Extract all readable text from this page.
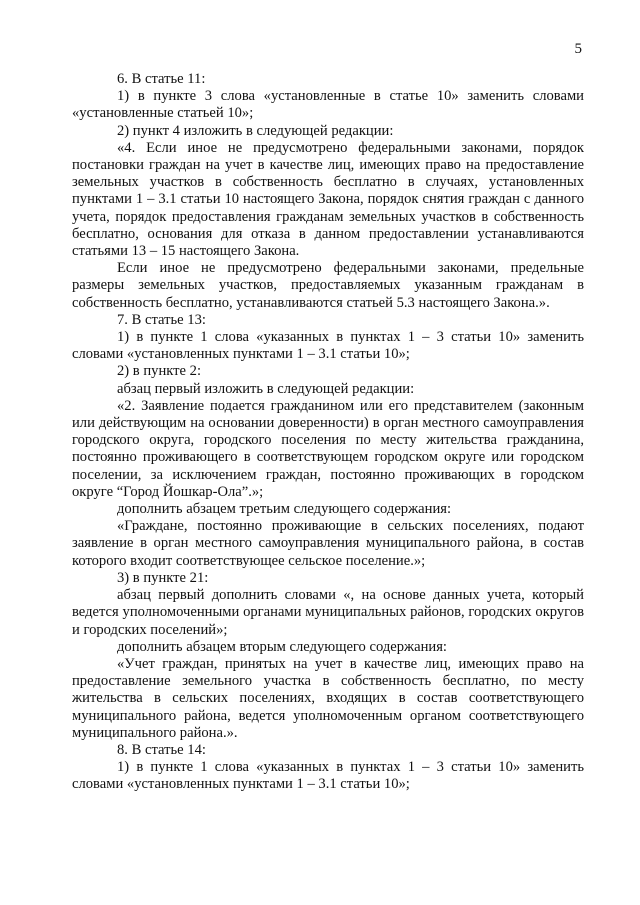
5

6. В статье 11:

1) в пункте 3 слова «установленные в статье 10» заменить словами «установленные статьей 10»;

2) пункт 4 изложить в следующей редакции:

«4. Если иное не предусмотрено федеральными законами, порядок постановки граждан на учет в качестве лиц, имеющих право на предоставление земельных участков в собственность бесплатно в случаях, установленных пунктами 1 – 3.1 статьи 10 настоящего Закона, порядок снятия граждан с данного учета, порядок предоставления гражданам земельных участков в собственность бесплатно, основания для отказа в данном предоставлении устанавливаются статьями 13 – 15 настоящего Закона.

Если иное не предусмотрено федеральными законами, предельные размеры земельных участков, предоставляемых указанным гражданам в собственность бесплатно, устанавливаются статьей 5.3 настоящего Закона.».

7. В статье 13:

1) в пункте 1 слова «указанных в пунктах 1 – 3 статьи 10» заменить словами «установленных пунктами 1 – 3.1 статьи 10»;

2) в пункте 2:

абзац первый изложить в следующей редакции:

«2. Заявление подается гражданином или его представителем (законным или действующим на основании доверенности) в орган местного самоуправления городского округа, городского поселения по месту жительства гражданина, постоянно проживающего в соответствующем городском округе или городском поселении, за исключением граждан, постоянно проживающих в городском округе “Город Йошкар-Ола”.»;

дополнить абзацем третьим следующего содержания:

«Граждане, постоянно проживающие в сельских поселениях, подают заявление в орган местного самоуправления муниципального района, в состав которого входит соответствующее сельское поселение.»;

3) в пункте 21:

абзац первый дополнить словами «, на основе данных учета, который ведется уполномоченными органами муниципальных районов, городских округов и городских поселений»;

дополнить абзацем вторым следующего содержания:

«Учет граждан, принятых на учет в качестве лиц, имеющих право на предоставление земельного участка в собственность бесплатно, по месту жительства в сельских поселениях, входящих в состав соответствующего муниципального района, ведется уполномоченным органом соответствующего муниципального района.».

8. В статье 14:

1) в пункте 1 слова «указанных в пунктах 1 – 3 статьи 10» заменить словами «установленных пунктами 1 – 3.1 статьи 10»;
